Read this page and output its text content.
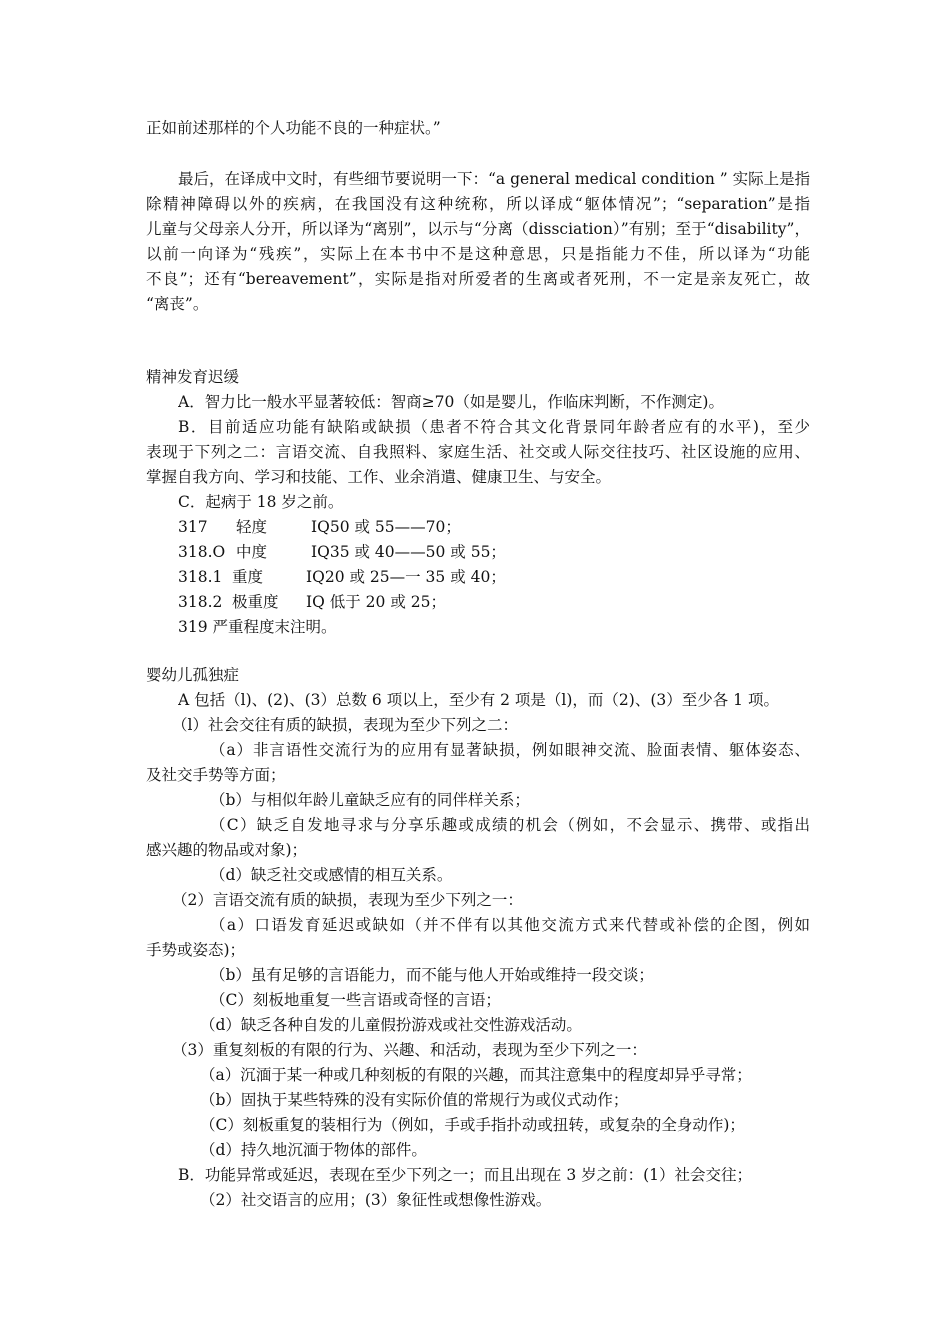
正如前述那样的个人功能不良的一种症状。”
最后，在译成中文时，有些细节要说明一下：“a general medical condition ” 实际上是指
除精神障碍以外的疾病，在我国没有这种统称，所以译成“躯体情况”；“separation”是指
儿童与父母亲人分开，所以译为“离别”，以示与“分离（dissciation）”有别；至于“disability”，
以前一向译为“残疾”，实际上在本书中不是这种意思，只是指能力不佳，所以译为“功能
不良”；还有“bereavement”，实际是指对所爱者的生离或者死刑，不一定是亲友死亡，故
“离丧”。
精神发育迟缓
A．智力比一般水平显著较低：智商≥70（如是婴儿，作临床判断，不作测定)。
B．目前适应功能有缺陷或缺损（患者不符合其文化背景同年龄者应有的水平)，至少
表现于下列之二：言语交流、自我照料、家庭生活、社交或人际交往技巧、社区设施的应用、
掌握自我方向、学习和技能、工作、业余消遣、健康卫生、与安全。
C．起病于 18 岁之前。
317	轻度	IQ50 或 55——70；
318.O 中度	IQ35 或 40——50 或 55；
318.1 重度	IQ20 或 25—一 35 或 40；
318.2 极重度	IQ 低于 20 或 25；
319 严重程度末注明。
婴幼儿孤独症
A 包括（l)、(2)、(3）总数 6 项以上，至少有 2 项是（l)，而（2)、(3）至少各 1 项。
（l）社会交往有质的缺损，表现为至少下列之二：
（a）非言语性交流行为的应用有显著缺损，例如眼神交流、脸面表情、躯体姿态、
及社交手势等方面；
（b）与相似年龄儿童缺乏应有的同伴样关系；
（C）缺乏自发地寻求与分享乐趣或成绩的机会（例如，不会显示、携带、或指出
感兴趣的物品或对象)；
（d）缺乏社交或感情的相互关系。
（2）言语交流有质的缺损，表现为至少下列之一：
（a）口语发育延迟或缺如（并不伴有以其他交流方式来代替或补偿的企图，例如
手势或姿态)；
（b）虽有足够的言语能力，而不能与他人开始或维持一段交谈；
（C）刻板地重复一些言语或奇怪的言语；
（d）缺乏各种自发的儿童假扮游戏或社交性游戏活动。
（3）重复刻板的有限的行为、兴趣、和活动，表现为至少下列之一：
（a）沉湎于某一种或几种刻板的有限的兴趣，而其注意集中的程度却异乎寻常；
（b）固执于某些特殊的没有实际价值的常规行为或仪式动作；
（C）刻板重复的装相行为（例如，手或手指扑动或扭转，或复杂的全身动作)；
（d）持久地沉湎于物体的部件。
B．功能异常或延迟，表现在至少下列之一；而且出现在 3 岁之前：(1）社会交往；
（2）社交语言的应用；(3）象征性或想像性游戏。
